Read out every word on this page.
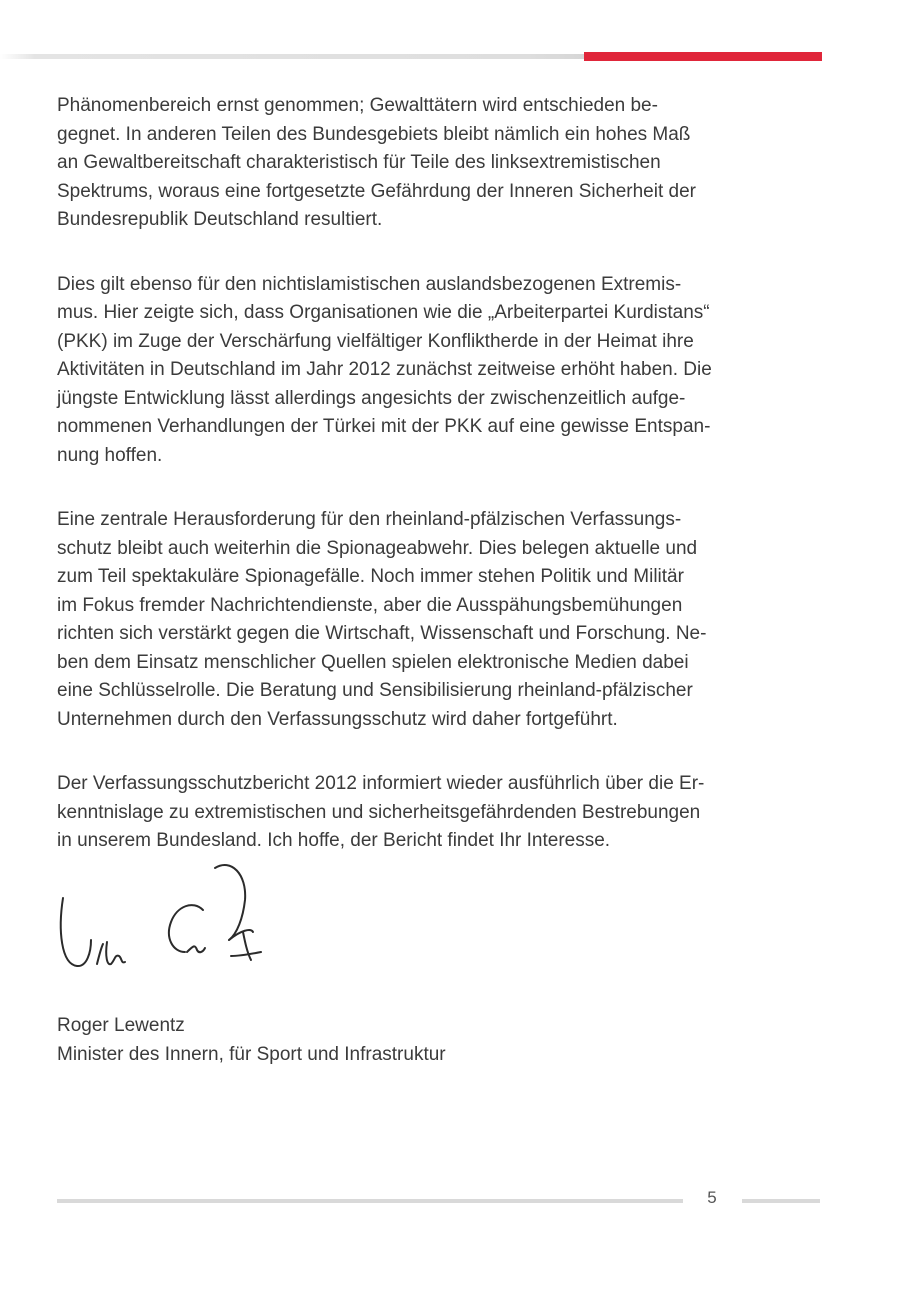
Phänomenbereich ernst genommen; Gewalttätern wird entschieden be-
gegnet. In anderen Teilen des Bundesgebiets bleibt nämlich ein hohes Maß
an Gewaltbereitschaft charakteristisch für Teile des linksextremistischen
Spektrums, woraus eine fortgesetzte Gefährdung der Inneren Sicherheit der
Bundesrepublik Deutschland resultiert.

Dies gilt ebenso für den nichtislamistischen auslandsbezogenen Extremis-
mus. Hier zeigte sich, dass Organisationen wie die „Arbeiterpartei Kurdistans“
(PKK) im Zuge der Verschärfung vielfältiger Konfliktherde in der Heimat ihre
Aktivitäten in Deutschland im Jahr 2012 zunächst zeitweise erhöht haben. Die
jüngste Entwicklung lässt allerdings angesichts der zwischenzeitlich aufge-
nommenen Verhandlungen der Türkei mit der PKK auf eine gewisse Entspan-
nung hoffen.

Eine zentrale Herausforderung für den rheinland-pfälzischen Verfassungs-
schutz bleibt auch weiterhin die Spionageabwehr. Dies belegen aktuelle und
zum Teil spektakuläre Spionagefälle. Noch immer stehen Politik und Militär
im Fokus fremder Nachrichtendienste, aber die Ausspähungsbemühungen
richten sich verstärkt gegen die Wirtschaft, Wissenschaft und Forschung. Ne-
ben dem Einsatz menschlicher Quellen spielen elektronische Medien dabei
eine Schlüsselrolle. Die Beratung und Sensibilisierung rheinland-pfälzischer
Unternehmen durch den Verfassungsschutz wird daher fortgeführt.

Der Verfassungsschutzbericht 2012 informiert wieder ausführlich über die Er-
kenntnislage zu extremistischen und sicherheitsgefährdenden Bestrebungen
in unserem Bundesland. Ich hoffe, der Bericht findet Ihr Interesse.

Roger Lewentz
Minister des Innern, für Sport und Infrastruktur
5
